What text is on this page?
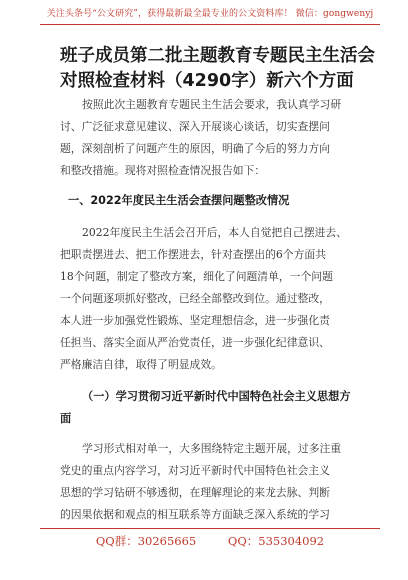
关注头条号“公文研究”，获得最新最全最专业的公文资料库！ 微信：gongwenyj
班子成员第二批主题教育专题民主生活会
对照检查材料（4290字）新六个方面

按照此次主题教育专题民主生活会要求，我认真学习研
讨、广泛征求意见建议、深入开展谈心谈话，切实查摆问
题，深刻剖析了问题产生的原因，明确了今后的努力方向
和整改措施。现将对照检查情况报告如下：

一、2022年度民主生活会查摆问题整改情况

2022年度民主生活会召开后，本人自觉把自己摆进去、
把职责摆进去、把工作摆进去，针对查摆出的6个方面共
18个问题，制定了整改方案，细化了问题清单，一个问题
一个问题逐项抓好整改，已经全部整改到位。通过整改，
本人进一步加强党性锻炼、坚定理想信念，进一步强化责
任担当、落实全面从严治党责任，进一步强化纪律意识、
严格廉洁自律，取得了明显成效。

（一）学习贯彻习近平新时代中国特色社会主义思想方
面

学习形式相对单一，大多围绕特定主题开展，过多注重
党史的重点内容学习，对习近平新时代中国特色社会主义
思想的学习钻研不够透彻，在理解理论的来龙去脉、判断
的因果依据和观点的相互联系等方面缺乏深入系统的学习

QQ群：30265665	QQ：535304092
